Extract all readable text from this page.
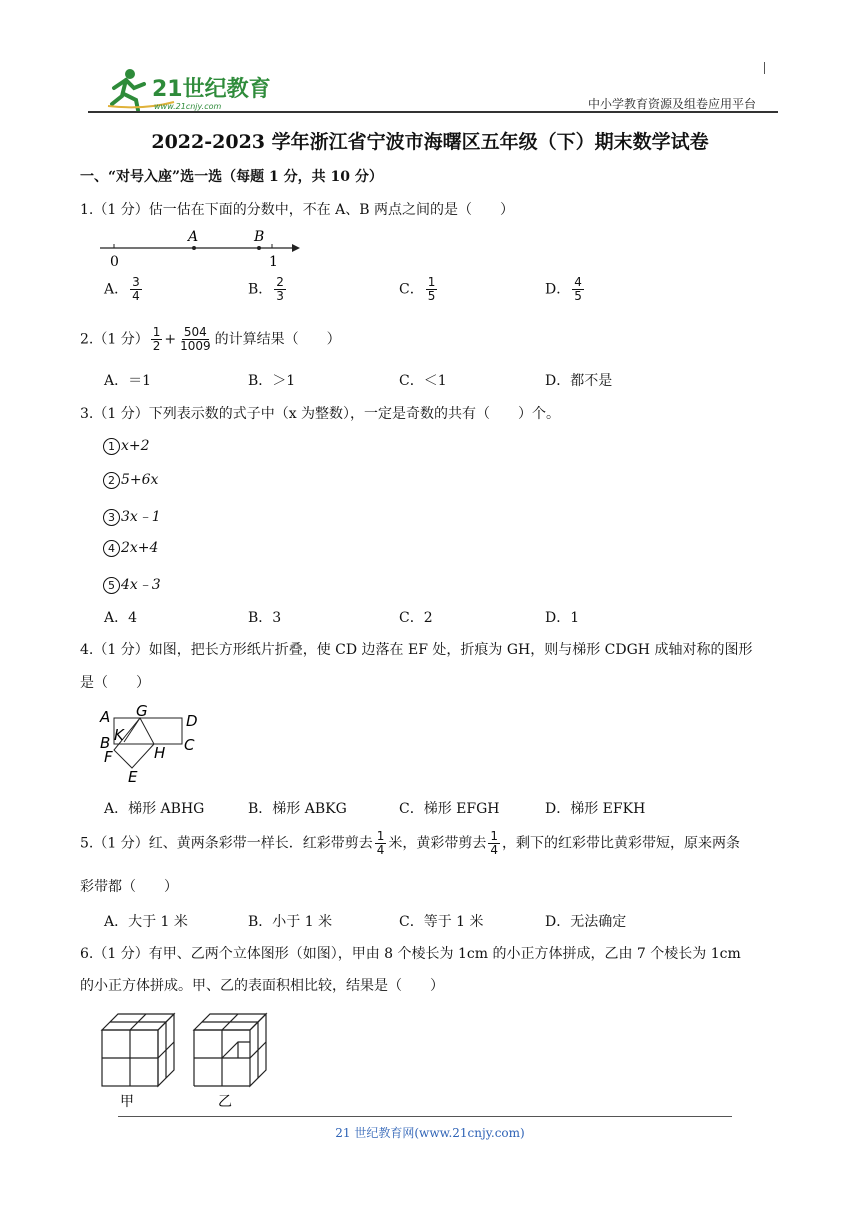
21世纪教育
www.21cnjy.com	中小学教育资源及组卷应用平台
2022-2023 学年浙江省宁波市海曙区五年级（下）期末数学试卷
一、“对号入座”选一选（每题 1 分，共 10 分）
1.（1 分）估一估在下面的分数中，不在 A、B 两点之间的是（　　）
0	1
A	B
A． $\frac{3}{4}$	B． $\frac{2}{3}$	C． $\frac{1}{5}$	D． $\frac{4}{5}$
2.（1 分） $\frac{1}{2} + \frac{504}{1009}$ 的计算结果（　　）
A．＝1	B．＞1	C．＜1	D．都不是
3.（1 分）下列表示数的式子中（x 为整数），一定是奇数的共有（　　）个。
1 x+2
2 5+6x
3 3x﹣1
4 2x+4
5 4x﹣3
A．4	B．3	C．2	D．1
4.（1 分）如图，把长方形纸片折叠，使 CD 边落在 EF 处，折痕为 GH，则与梯形 CDGH 成轴对称的图形
是（　　）
A G
D
B K
C
F	H
E
A．梯形 ABHG	B．梯形 ABKG	C．梯形 EFGH	D．梯形 EFKH
5.（1 分）红、黄两条彩带一样长．红彩带剪去 $\frac{1}{4}$ 米，黄彩带剪去 $\frac{1}{4}$ ，剩下的红彩带比黄彩带短，原来两条
彩带都（　　）
A．大于 1 米	B．小于 1 米	C．等于 1 米	D．无法确定
6.（1 分）有甲、乙两个立体图形（如图），甲由 8 个棱长为 1cm 的小正方体拼成，乙由 7 个棱长为 1cm
的小正方体拼成。甲、乙的表面积相比较，结果是（　　）
甲	乙
21 世纪教育网(www.21cnjy.com)
